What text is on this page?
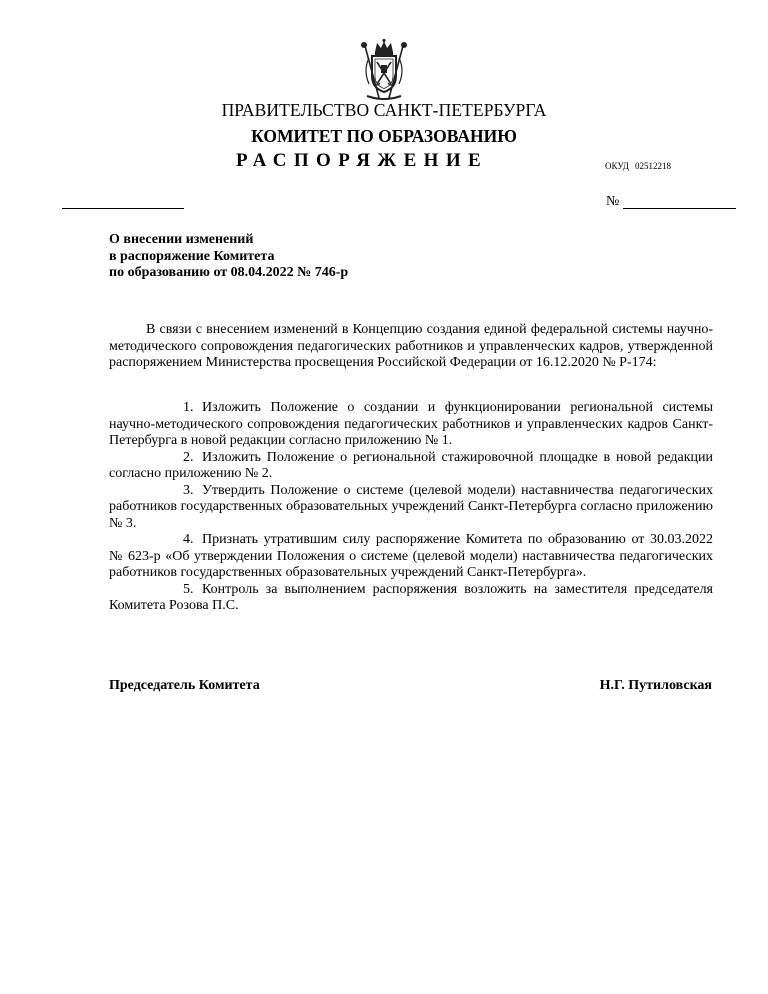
ПРАВИТЕЛЬСТВО САНКТ-ПЕТЕРБУРГА
КОМИТЕТ ПО ОБРАЗОВАНИЮ
РАСПОРЯЖЕНИЕ	ОКУД 02512218
№
О внесении изменений
в распоряжение Комитета
по образованию от 08.04.2022 № 746-р
В связи с внесением изменений в Концепцию создания единой федеральной системы научно-методического сопровождения педагогических работников и управленческих кадров, утвержденной распоряжением Министерства просвещения Российской Федерации от 16.12.2020 № Р-174:
1. Изложить Положение о создании и функционировании региональной системы научно-методического сопровождения педагогических работников и управленческих кадров Санкт-Петербурга в новой редакции согласно приложению № 1.
2. Изложить Положение о региональной стажировочной площадке в новой редакции согласно приложению № 2.
3. Утвердить Положение о системе (целевой модели) наставничества педагогических работников государственных образовательных учреждений Санкт-Петербурга согласно приложению № 3.
4. Признать утратившим силу распоряжение Комитета по образованию от 30.03.2022 № 623-р «Об утверждении Положения о системе (целевой модели) наставничества педагогических работников государственных образовательных учреждений Санкт-Петербурга».
5. Контроль за выполнением распоряжения возложить на заместителя председателя Комитета Розова П.С.
Председатель Комитета	Н.Г. Путиловская
